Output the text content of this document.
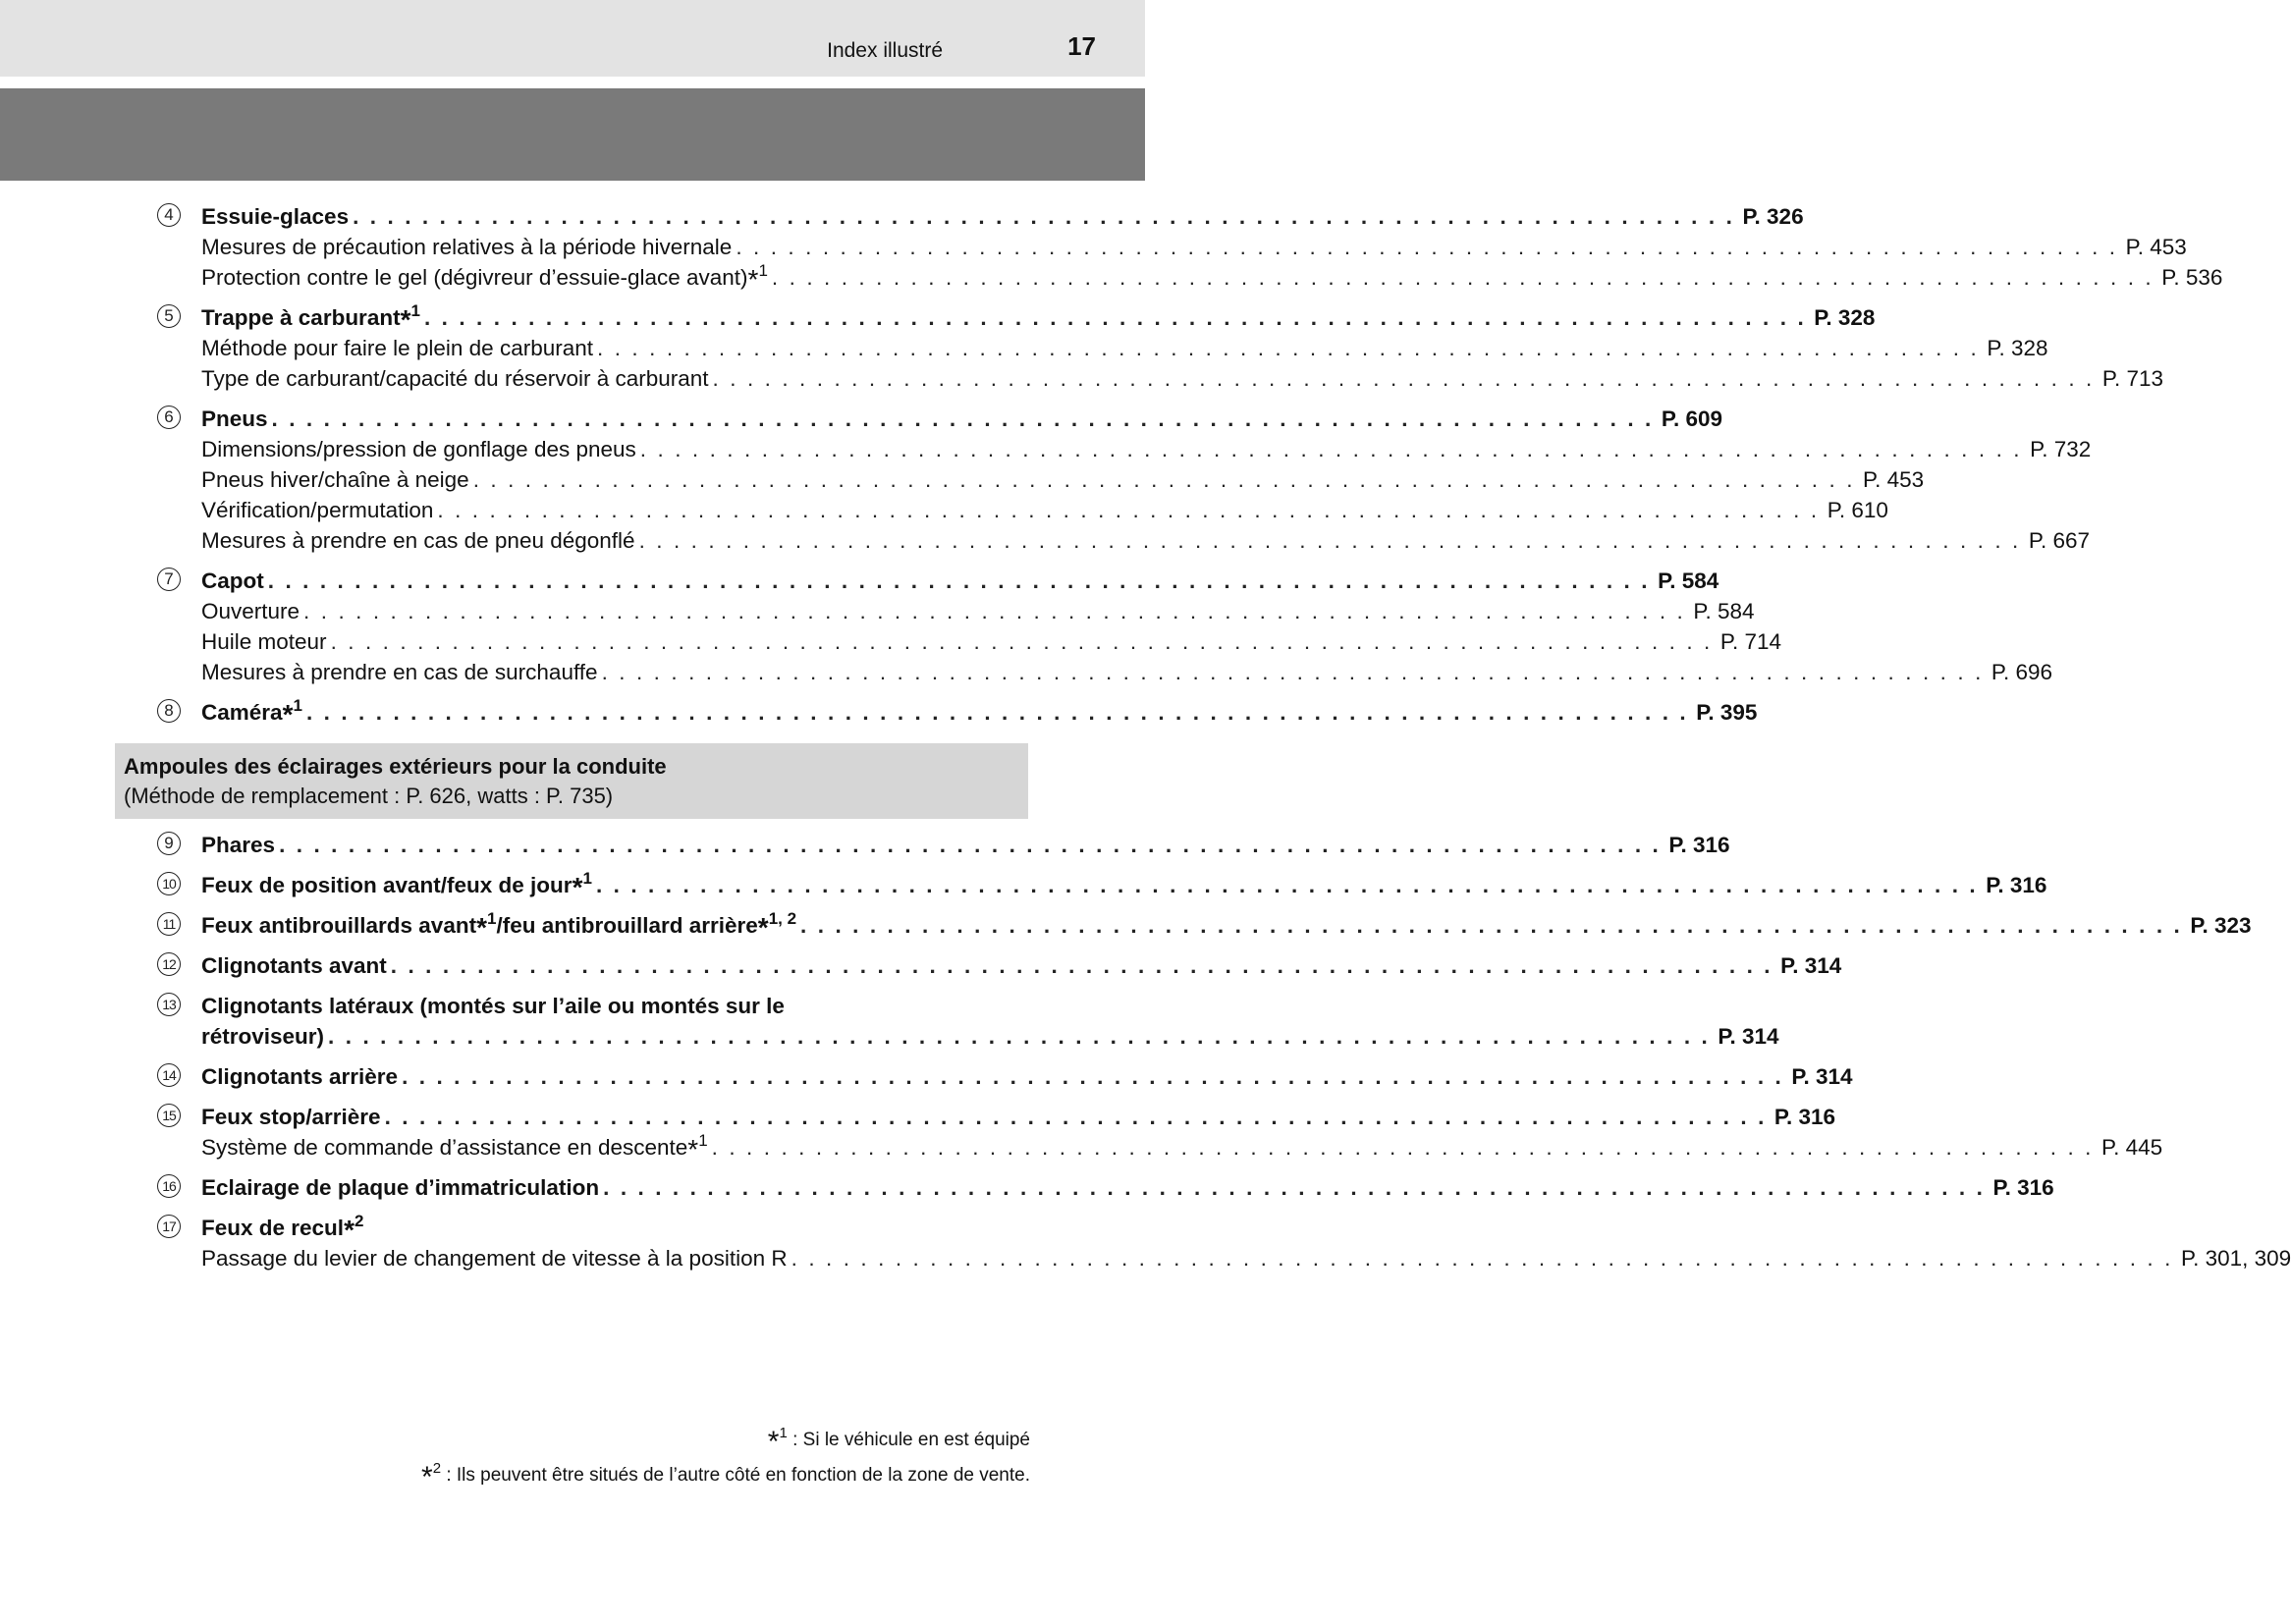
Index illustré	17
4	Essuie-glaces . . . . . . . . . . . . . . . . . . . . . . . . . . . . . . . . . . . . . . . . . . . . . . . . . . . . . . . . . . . . . . . . . . . . . . . . . . . . . . . . P. 326
Mesures de précaution relatives à la période hivernale . . . . . . . . . . . . . . . . . . . . . . . . . . . . . . . . . . . . . . . . . . . . . . . . . . . . . . . . . . . . . . . . . . . . . . . . . . . . . . . . P. 453
Protection contre le gel (dégivreur d’essuie-glace avant)*$^1$ . . . . . . . . . . . . . . . . . . . . . . . . . . . . . . . . . . . . . . . . . . . . . . . . . . . . . . . . . . . . . . . . . . . . . . . . . . . . . . . . P. 536
5	Trappe à carburant*$^1$ . . . . . . . . . . . . . . . . . . . . . . . . . . . . . . . . . . . . . . . . . . . . . . . . . . . . . . . . . . . . . . . . . . . . . . . . . . . . . . . . P. 328
Méthode pour faire le plein de carburant . . . . . . . . . . . . . . . . . . . . . . . . . . . . . . . . . . . . . . . . . . . . . . . . . . . . . . . . . . . . . . . . . . . . . . . . . . . . . . . . P. 328
Type de carburant/capacité du réservoir à carburant . . . . . . . . . . . . . . . . . . . . . . . . . . . . . . . . . . . . . . . . . . . . . . . . . . . . . . . . . . . . . . . . . . . . . . . . . . . . . . . . P. 713
6	Pneus . . . . . . . . . . . . . . . . . . . . . . . . . . . . . . . . . . . . . . . . . . . . . . . . . . . . . . . . . . . . . . . . . . . . . . . . . . . . . . . . P. 609
Dimensions/pression de gonflage des pneus . . . . . . . . . . . . . . . . . . . . . . . . . . . . . . . . . . . . . . . . . . . . . . . . . . . . . . . . . . . . . . . . . . . . . . . . . . . . . . . . P. 732
Pneus hiver/chaîne à neige . . . . . . . . . . . . . . . . . . . . . . . . . . . . . . . . . . . . . . . . . . . . . . . . . . . . . . . . . . . . . . . . . . . . . . . . . . . . . . . . P. 453
Vérification/permutation . . . . . . . . . . . . . . . . . . . . . . . . . . . . . . . . . . . . . . . . . . . . . . . . . . . . . . . . . . . . . . . . . . . . . . . . . . . . . . . . P. 610
Mesures à prendre en cas de pneu dégonflé . . . . . . . . . . . . . . . . . . . . . . . . . . . . . . . . . . . . . . . . . . . . . . . . . . . . . . . . . . . . . . . . . . . . . . . . . . . . . . . . P. 667
7	Capot . . . . . . . . . . . . . . . . . . . . . . . . . . . . . . . . . . . . . . . . . . . . . . . . . . . . . . . . . . . . . . . . . . . . . . . . . . . . . . . . P. 584
Ouverture . . . . . . . . . . . . . . . . . . . . . . . . . . . . . . . . . . . . . . . . . . . . . . . . . . . . . . . . . . . . . . . . . . . . . . . . . . . . . . . . P. 584
Huile moteur . . . . . . . . . . . . . . . . . . . . . . . . . . . . . . . . . . . . . . . . . . . . . . . . . . . . . . . . . . . . . . . . . . . . . . . . . . . . . . . . P. 714
Mesures à prendre en cas de surchauffe . . . . . . . . . . . . . . . . . . . . . . . . . . . . . . . . . . . . . . . . . . . . . . . . . . . . . . . . . . . . . . . . . . . . . . . . . . . . . . . . P. 696
8	Caméra*$^1$ . . . . . . . . . . . . . . . . . . . . . . . . . . . . . . . . . . . . . . . . . . . . . . . . . . . . . . . . . . . . . . . . . . . . . . . . . . . . . . . . P. 395
Ampoules des éclairages extérieurs pour la conduite
(Méthode de remplacement : P. 626, watts : P. 735)
9	Phares . . . . . . . . . . . . . . . . . . . . . . . . . . . . . . . . . . . . . . . . . . . . . . . . . . . . . . . . . . . . . . . . . . . . . . . . . . . . . . . . P. 316
10 Feux de position avant/feux de jour*$^1$ . . . . . . . . . . . . . . . . . . . . . . . . . . . . . . . . . . . . . . . . . . . . . . . . . . . . . . . . . . . . . . . . . . . . . . . . . . . . . . . . P. 316
11 Feux antibrouillards avant*$^1$/feu antibrouillard arrière*$^{1, 2}$ . . . . . . . . . . . . . . . . . . . . . . . . . . . . . . . . . . . . . . . . . . . . . . . . . . . . . . . . . . . . . . . . . . . . . . . . . . . . . . . . P. 323
12 Clignotants avant . . . . . . . . . . . . . . . . . . . . . . . . . . . . . . . . . . . . . . . . . . . . . . . . . . . . . . . . . . . . . . . . . . . . . . . . . . . . . . . . P. 314
13 Clignotants latéraux (montés sur l’aile ou montés sur le
rétroviseur) . . . . . . . . . . . . . . . . . . . . . . . . . . . . . . . . . . . . . . . . . . . . . . . . . . . . . . . . . . . . . . . . . . . . . . . . . . . . . . . . P. 314
14 Clignotants arrière . . . . . . . . . . . . . . . . . . . . . . . . . . . . . . . . . . . . . . . . . . . . . . . . . . . . . . . . . . . . . . . . . . . . . . . . . . . . . . . . P. 314
15 Feux stop/arrière . . . . . . . . . . . . . . . . . . . . . . . . . . . . . . . . . . . . . . . . . . . . . . . . . . . . . . . . . . . . . . . . . . . . . . . . . . . . . . . . P. 316
Système de commande d’assistance en descente*$^1$ . . . . . . . . . . . . . . . . . . . . . . . . . . . . . . . . . . . . . . . . . . . . . . . . . . . . . . . . . . . . . . . . . . . . . . . . . . . . . . . . P. 445
16 Eclairage de plaque d’immatriculation . . . . . . . . . . . . . . . . . . . . . . . . . . . . . . . . . . . . . . . . . . . . . . . . . . . . . . . . . . . . . . . . . . . . . . . . . . . . . . . . P. 316
17 Feux de recul*$^2$
Passage du levier de changement de vitesse à la position R . . . . . . . . . . . . . . . . . . . . . . . . . . . . . . . . . . . . . . . . . . . . . . . . . . . . . . . . . . . . . . . . . . . . . . . . . . . . . . . . P. 301, 309
*$^1$ : Si le véhicule en est équipé
*$^2$ : Ils peuvent être situés de l’autre côté en fonction de la zone de vente.
